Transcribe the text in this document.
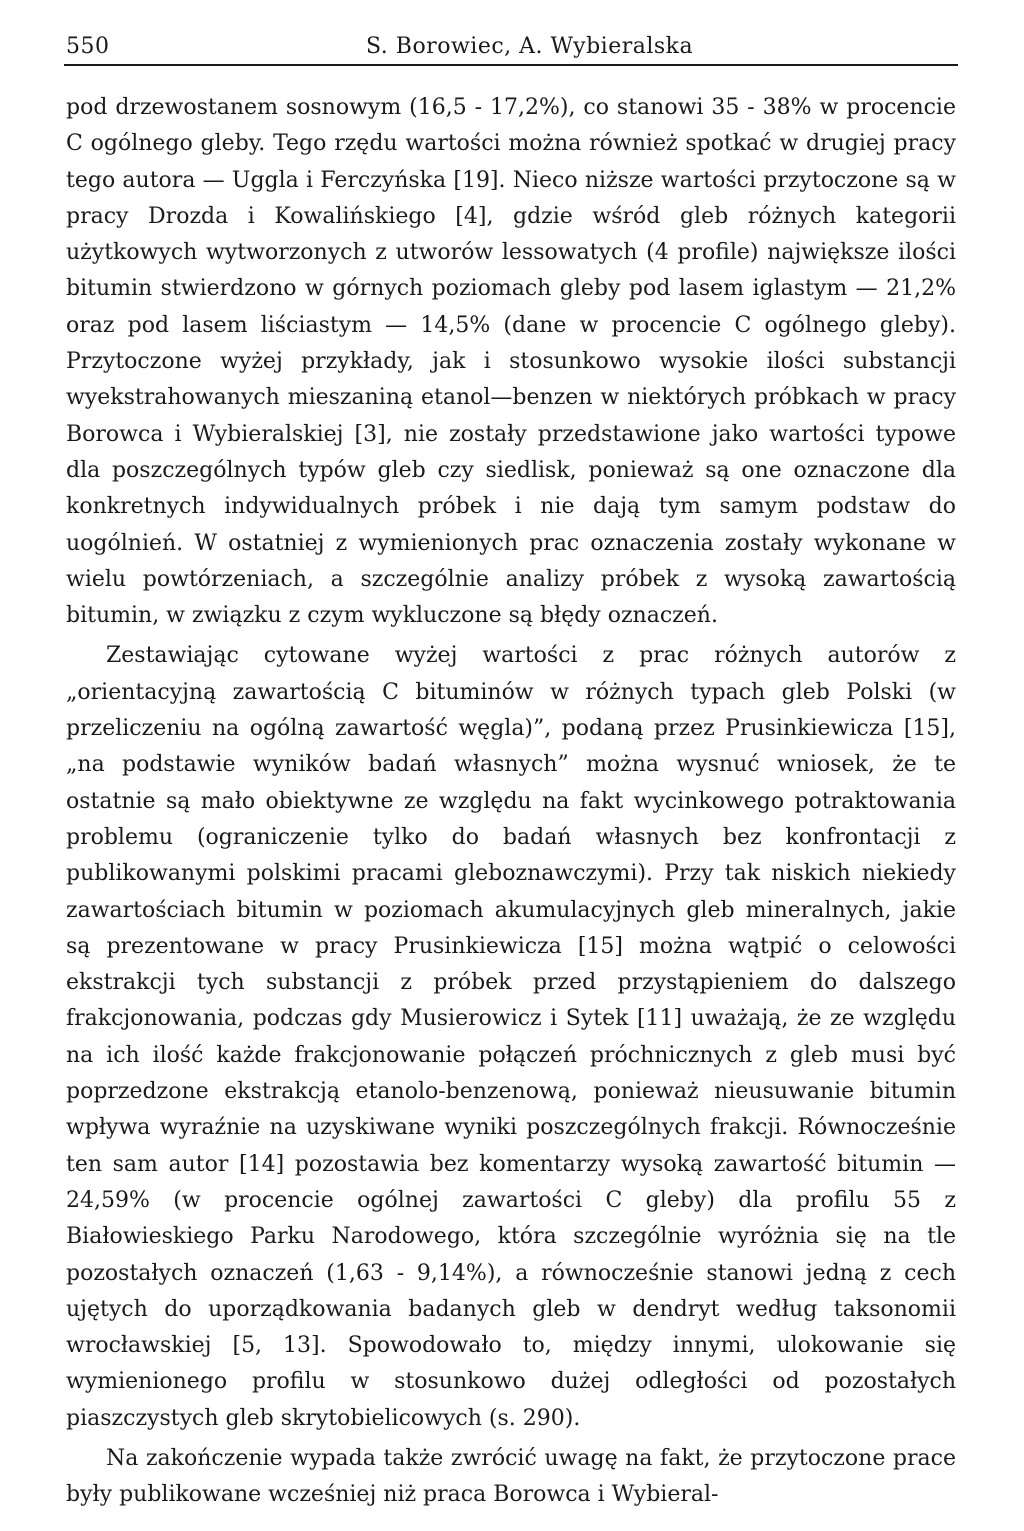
550	S. Borowiec, A. Wybieralska

pod drzewostanem sosnowym (16,5 - 17,2%), co stanowi 35 - 38% w procencie C ogólnego gleby. Tego rzędu wartości można również spotkać w drugiej pracy tego autora — Uggla i Ferczyńska [19]. Nieco niższe wartości przytoczone są w pracy Drozda i Kowalińskiego [4], gdzie wśród gleb różnych kategorii użytkowych wytworzonych z utworów lessowatych (4 profile) największe ilości bitumin stwierdzono w górnych poziomach gleby pod lasem iglastym — 21,2% oraz pod lasem liściastym — 14,5% (dane w procencie C ogólnego gleby). Przytoczone wyżej przykłady, jak i stosunkowo wysokie ilości substancji wyekstrahowanych mieszaniną etanol—benzen w niektórych próbkach w pracy Borowca i Wybieralskiej [3], nie zostały przedstawione jako wartości typowe dla poszczególnych typów gleb czy siedlisk, ponieważ są one oznaczone dla konkretnych indywidualnych próbek i nie dają tym samym podstaw do uogólnień. W ostatniej z wymienionych prac oznaczenia zostały wykonane w wielu powtórzeniach, a szczególnie analizy próbek z wysoką zawartością bitumin, w związku z czym wykluczone są błędy oznaczeń.

Zestawiając cytowane wyżej wartości z prac różnych autorów z „orientacyjną zawartością C bituminów w różnych typach gleb Polski (w przeliczeniu na ogólną zawartość węgla)”, podaną przez Prusinkiewicza [15], „na podstawie wyników badań własnych” można wysnuć wniosek, że te ostatnie są mało obiektywne ze względu na fakt wycinkowego potraktowania problemu (ograniczenie tylko do badań własnych bez konfrontacji z publikowanymi polskimi pracami gleboznawczymi). Przy tak niskich niekiedy zawartościach bitumin w poziomach akumulacyjnych gleb mineralnych, jakie są prezentowane w pracy Prusinkiewicza [15] można wątpić o celowości ekstrakcji tych substancji z próbek przed przystąpieniem do dalszego frakcjonowania, podczas gdy Musierowicz i Sytek [11] uważają, że ze względu na ich ilość każde frakcjonowanie połączeń próchnicznych z gleb musi być poprzedzone ekstrakcją etanolo-benzenową, ponieważ nieusuwanie bitumin wpływa wyraźnie na uzyskiwane wyniki poszczególnych frakcji. Równocześnie ten sam autor [14] pozostawia bez komentarzy wysoką zawartość bitumin — 24,59% (w procencie ogólnej zawartości C gleby) dla profilu 55 z Białowieskiego Parku Narodowego, która szczególnie wyróżnia się na tle pozostałych oznaczeń (1,63 - 9,14%), a równocześnie stanowi jedną z cech ujętych do uporządkowania badanych gleb w dendryt według taksonomii wrocławskiej [5, 13]. Spowodowało to, między innymi, ulokowanie się wymienionego profilu w stosunkowo dużej odległości od pozostałych piaszczystych gleb skrytobielicowych (s. 290).

Na zakończenie wypada także zwrócić uwagę na fakt, że przytoczone prace były publikowane wcześniej niż praca Borowca i Wybieral-
